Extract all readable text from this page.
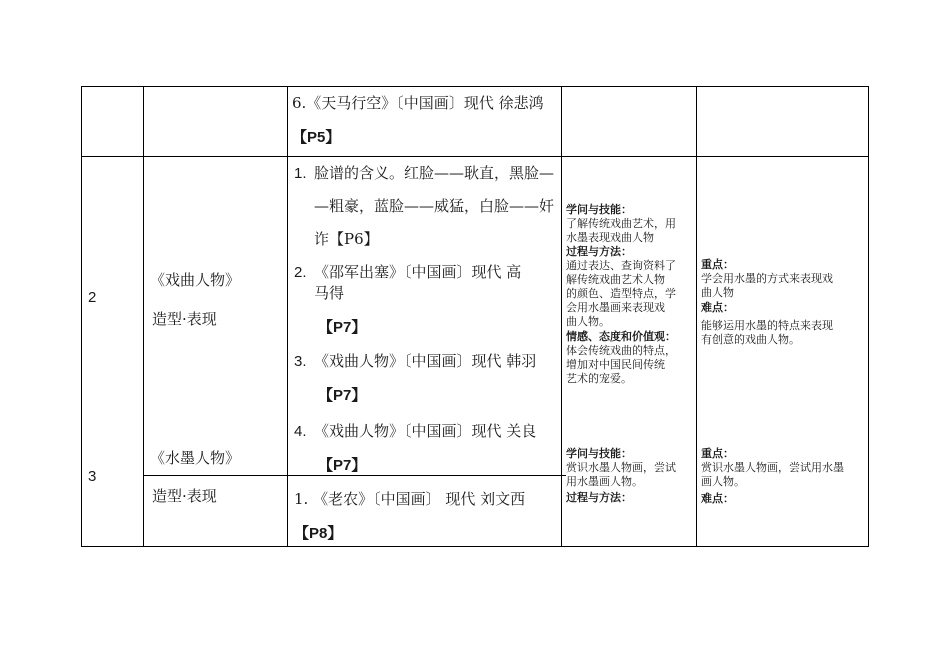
6.《天马行空》〔中国画〕现代 徐悲鸿
【P5】
2
《戏曲人物》
造型·表现
1. 脸谱的含义。红脸——耿直，黑脸—
—粗豪，蓝脸——威猛，白脸——奸
诈【P6】
2. 《邵军出塞》〔中国画〕现代 高
马得
【P7】
3. 《戏曲人物》〔中国画〕现代 韩羽
【P7】
4. 《戏曲人物》〔中国画〕现代 关良
【P7】
学问与技能：
了解传统戏曲艺术，用
水墨表现戏曲人物
过程与方法：
通过表达、查询资料了
解传统戏曲艺术人物
的颜色、造型特点，学
会用水墨画来表现戏
曲人物。
情感、态度和价值观：
体会传统戏曲的特点，
增加对中国民间传统
艺术的宠爱。
重点：
学会用水墨的方式来表现戏
曲人物
难点：
能够运用水墨的特点来表现
有创意的戏曲人物。
3
《水墨人物》
造型·表现	1. 《老农》〔中国画〕 现代 刘文西
【P8】
学问与技能：
赏识水墨人物画，尝试
用水墨画人物。
过程与方法：
重点：
赏识水墨人物画，尝试用水墨
画人物。
难点：
